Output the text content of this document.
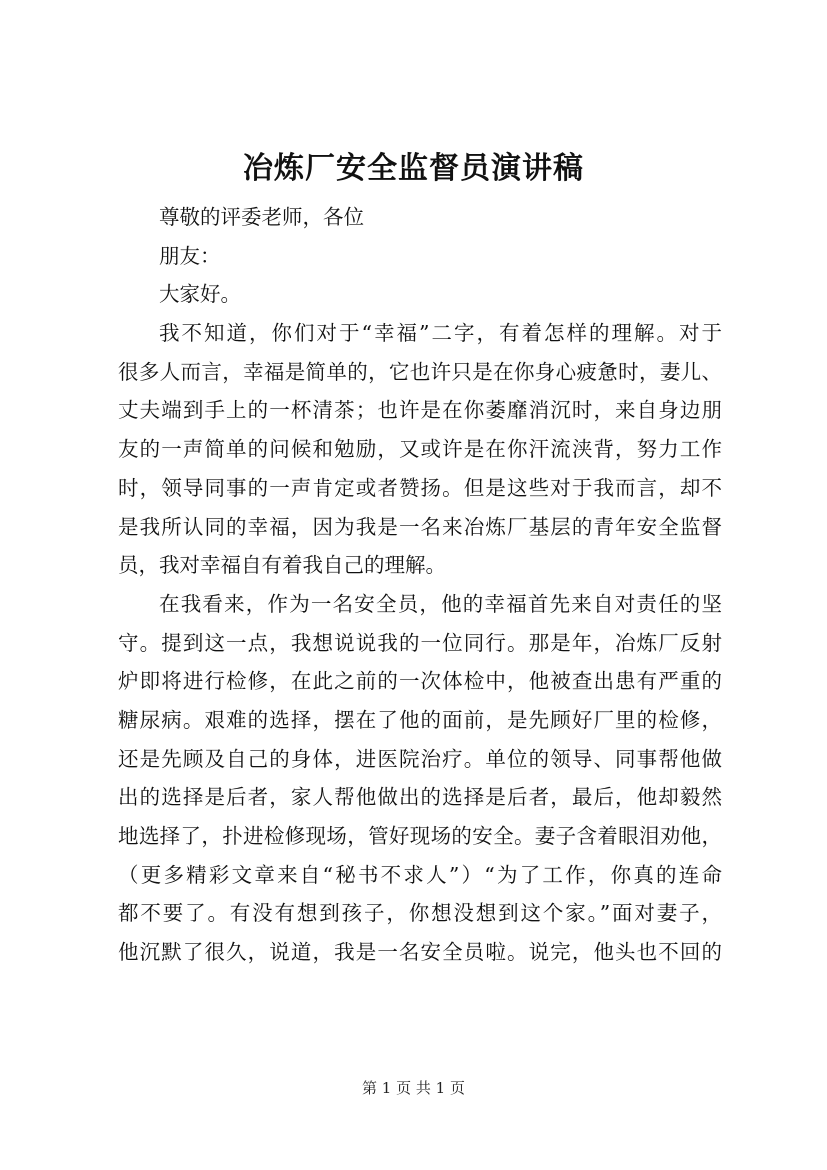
冶炼厂安全监督员演讲稿
尊敬的评委老师，各位
朋友：
大家好。
我不知道，你们对于“幸福”二字，有着怎样的理解。对于
很多人而言，幸福是简单的，它也许只是在你身心疲惫时，妻儿、
丈夫端到手上的一杯清茶；也许是在你萎靡消沉时，来自身边朋
友的一声简单的问候和勉励，又或许是在你汗流浃背，努力工作
时，领导同事的一声肯定或者赞扬。但是这些对于我而言，却不
是我所认同的幸福，因为我是一名来冶炼厂基层的青年安全监督
员，我对幸福自有着我自己的理解。
在我看来，作为一名安全员，他的幸福首先来自对责任的坚
守。提到这一点，我想说说我的一位同行。那是年，冶炼厂反射
炉即将进行检修，在此之前的一次体检中，他被查出患有严重的
糖尿病。艰难的选择，摆在了他的面前，是先顾好厂里的检修，
还是先顾及自己的身体，进医院治疗。单位的领导、同事帮他做
出的选择是后者，家人帮他做出的选择是后者，最后，他却毅然
地选择了，扑进检修现场，管好现场的安全。妻子含着眼泪劝他，
（更多精彩文章来自“秘书不求人”）“为了工作，你真的连命
都不要了。有没有想到孩子，你想没想到这个家。”面对妻子，
他沉默了很久，说道，我是一名安全员啦。说完，他头也不回的
第 1 页 共 1 页
